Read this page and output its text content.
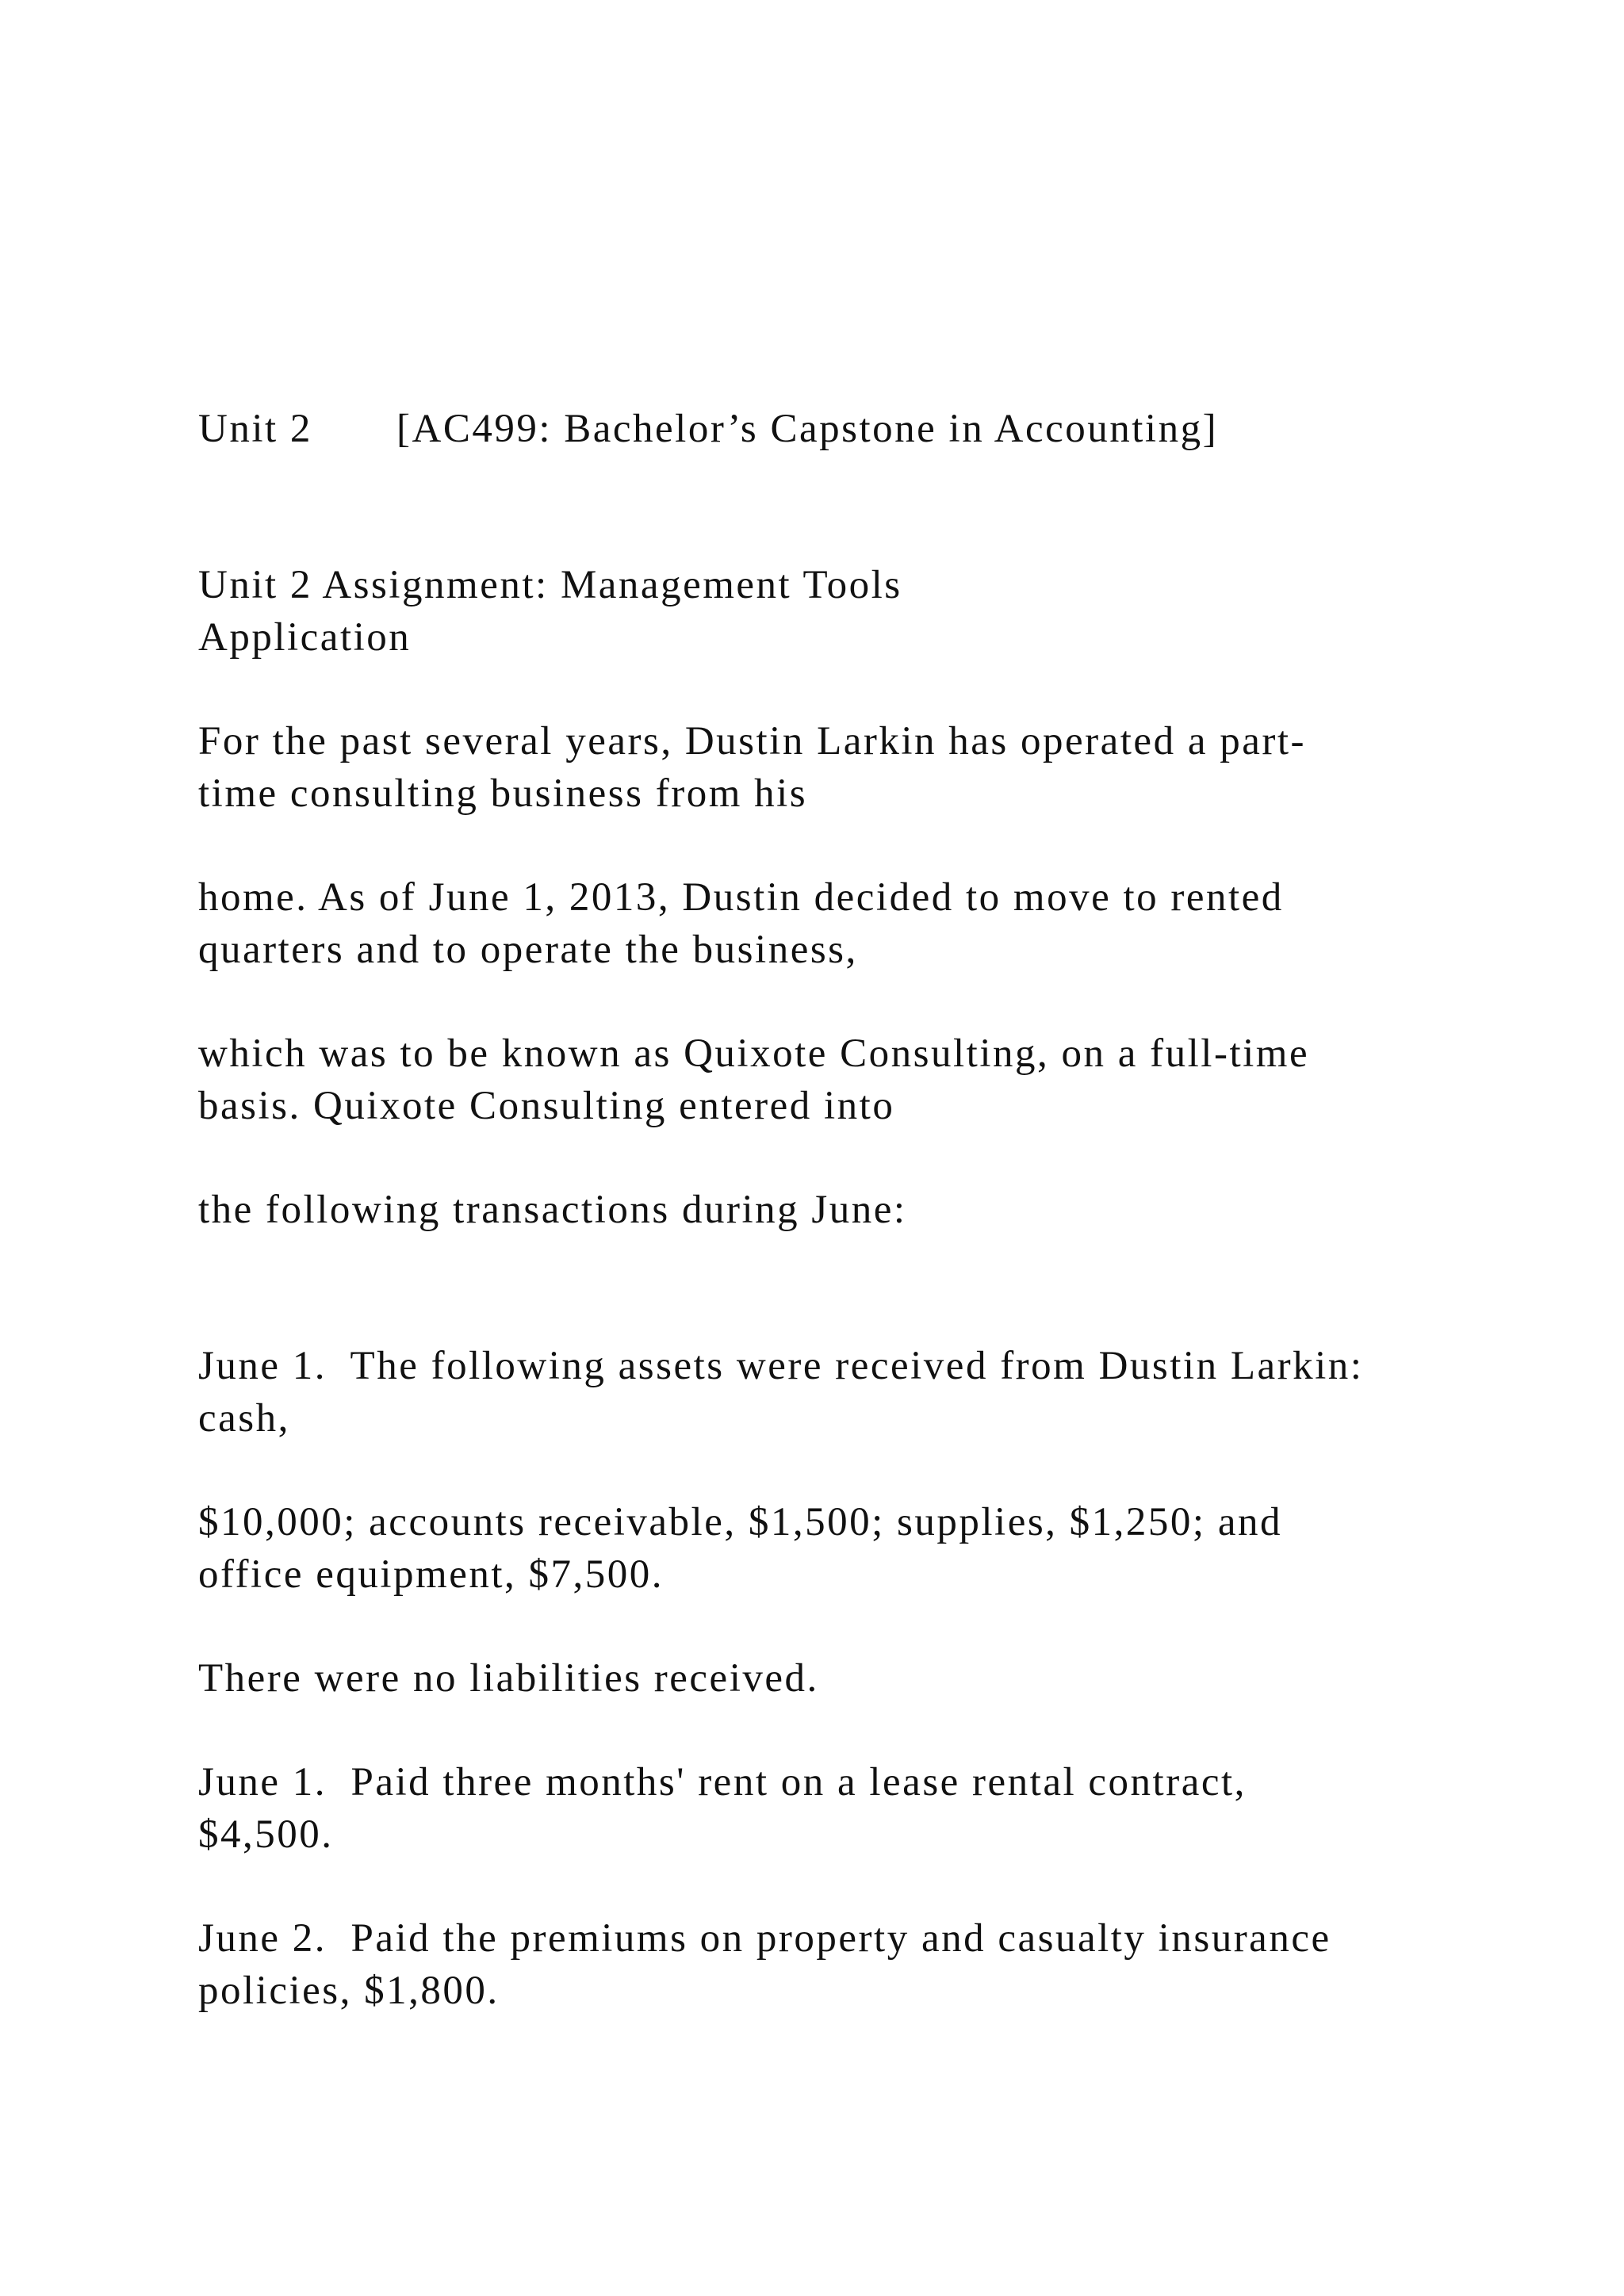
Unit 2 [AC499: Bachelor’s Capstone in Accounting]
Unit 2 Assignment: Management Tools
Application
For the past several years, Dustin Larkin has operated a part-
time consulting business from his
home. As of June 1, 2013, Dustin decided to move to rented
quarters and to operate the business,
which was to be known as Quixote Consulting, on a full-time
basis. Quixote Consulting entered into
the following transactions during June:
June 1.  The following assets were received from Dustin Larkin:
cash,
$10,000; accounts receivable, $1,500; supplies, $1,250; and
office equipment, $7,500.
There were no liabilities received.
June 1.  Paid three months' rent on a lease rental contract,
$4,500.
June 2.  Paid the premiums on property and casualty insurance
policies, $1,800.
